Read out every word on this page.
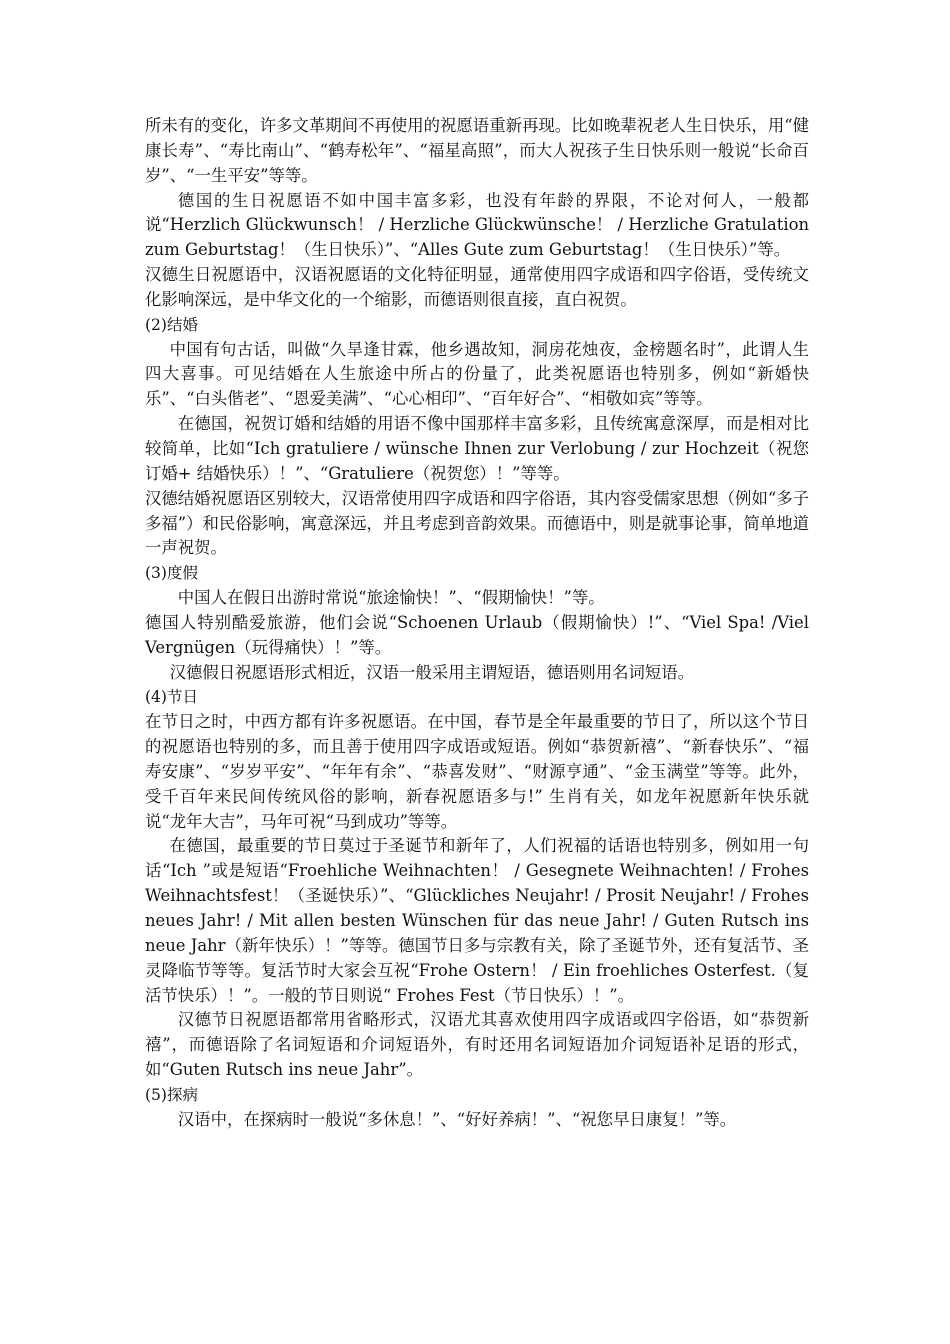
所未有的变化，许多文革期间不再使用的祝愿语重新再现。比如晚辈祝老人生日快乐，用“健康长寿”、“寿比南山”、“鹤寿松年”、“福星高照”，而大人祝孩子生日快乐则一般说“长命百岁”、“一生平安”等等。

德国的生日祝愿语不如中国丰富多彩，也没有年龄的界限，不论对何人，一般都说“Herzlich Glückwunsch！ / Herzliche Glückwünsche！ / Herzliche Gratulation zum Geburtstag！（生日快乐）”、“Alles Gute zum Geburtstag！（生日快乐）”等。

汉德生日祝愿语中，汉语祝愿语的文化特征明显，通常使用四字成语和四字俗语，受传统文化影响深远，是中华文化的一个缩影，而德语则很直接，直白祝贺。

(2)结婚

中国有句古话，叫做“久旱逢甘霖，他乡遇故知，洞房花烛夜，金榜题名时”，此谓人生四大喜事。可见结婚在人生旅途中所占的份量了，此类祝愿语也特别多，例如“新婚快乐”、“白头偕老”、“恩爱美满”、“心心相印”、“百年好合”、“相敬如宾”等等。

在德国，祝贺订婚和结婚的用语不像中国那样丰富多彩，且传统寓意深厚，而是相对比较简单，比如“Ich gratuliere / wünsche Ihnen zur Verlobung / zur Hochzeit（祝您订婚+ 结婚快乐）！”、“Gratuliere（祝贺您）！”等等。

汉德结婚祝愿语区别较大，汉语常使用四字成语和四字俗语，其内容受儒家思想（例如“多子多福”）和民俗影响，寓意深远，并且考虑到音韵效果。而德语中，则是就事论事，简单地道一声祝贺。

(3)度假

中国人在假日出游时常说“旅途愉快！”、“假期愉快！”等。

德国人特别酷爱旅游，他们会说“Schoenen Urlaub（假期愉快）!”、“Viel Spa! /Viel Vergnügen（玩得痛快）！”等。

汉德假日祝愿语形式相近，汉语一般采用主谓短语，德语则用名词短语。

(4)节日

在节日之时，中西方都有许多祝愿语。在中国，春节是全年最重要的节日了，所以这个节日的祝愿语也特别的多，而且善于使用四字成语或短语。例如“恭贺新禧”、“新春快乐”、“福寿安康”、“岁岁平安”、“年年有余”、“恭喜发财”、“财源亨通”、“金玉满堂”等等。此外，受千百年来民间传统风俗的影响，新春祝愿语多与!” 生肖有关，如龙年祝愿新年快乐就说“龙年大吉”，马年可祝“马到成功”等等。

在德国，最重要的节日莫过于圣诞节和新年了，人们祝福的话语也特别多，例如用一句话“Ich ”或是短语“Froehliche Weihnachten！ / Gesegnete Weihnachten! / Frohes Weihnachtsfest！（圣诞快乐）”、“Glückliches Neujahr! / Prosit Neujahr! / Frohes neues Jahr! / Mit allen besten Wünschen für das neue Jahr! / Guten Rutsch ins neue Jahr（新年快乐）！”等等。德国节日多与宗教有关，除了圣诞节外，还有复活节、圣灵降临节等等。复活节时大家会互祝“Frohe Ostern！ / Ein froehliches Osterfest.（复活节快乐）！”。一般的节日则说“ Frohes Fest（节日快乐）！”。

汉德节日祝愿语都常用省略形式，汉语尤其喜欢使用四字成语或四字俗语，如“恭贺新禧”，而德语除了名词短语和介词短语外，有时还用名词短语加介词短语补足语的形式，如“Guten Rutsch ins neue Jahr”。

(5)探病

汉语中，在探病时一般说“多休息！”、“好好养病！”、“祝您早日康复！”等。
